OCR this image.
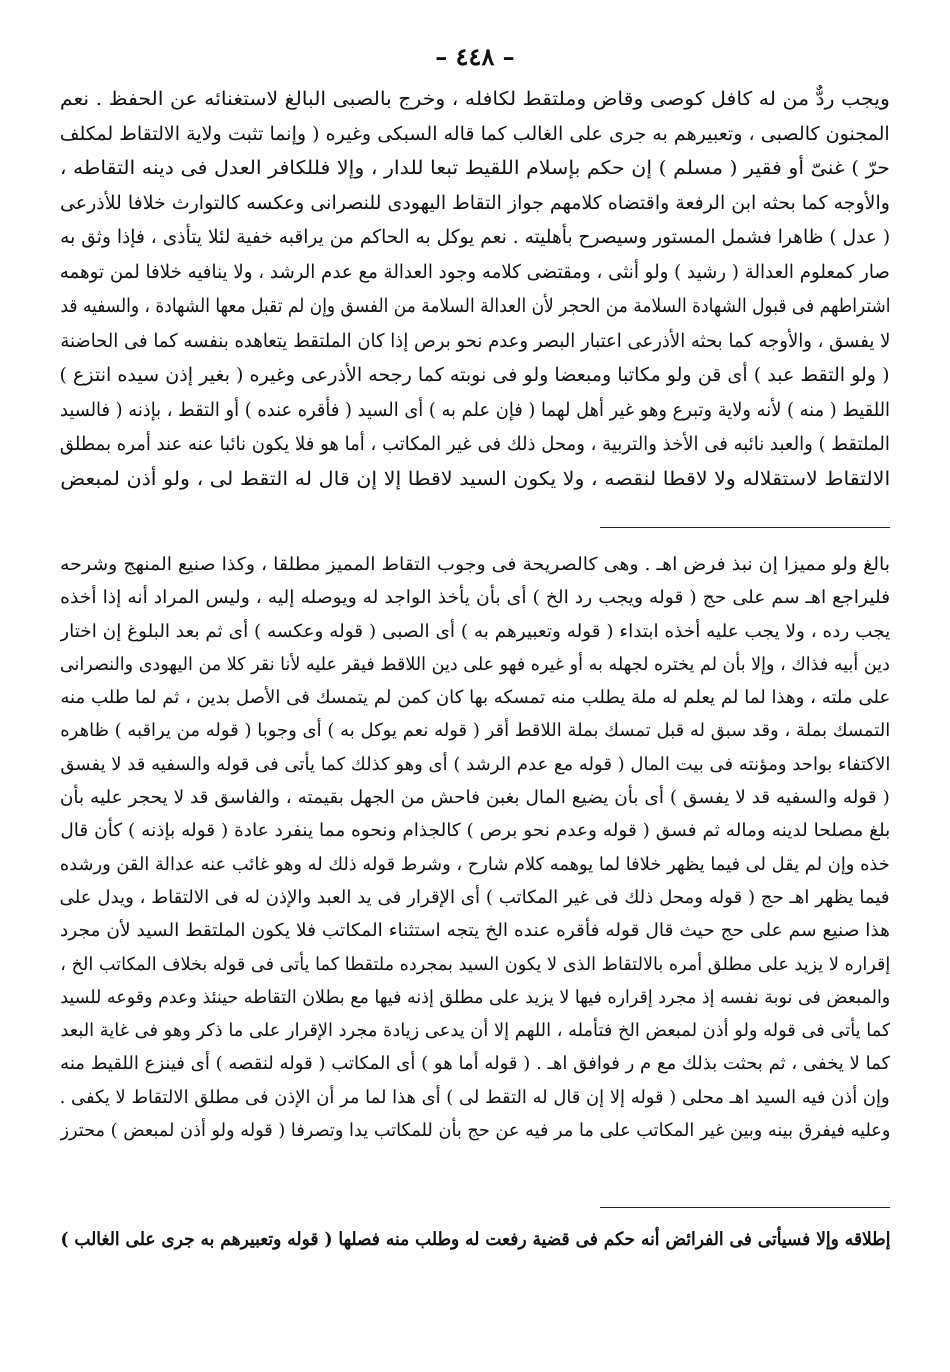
– ٤٤٨ –
ويجب ردٌّ من له كافل كوصى وقاض وملتقط لكافله ، وخرج بالصبى البالغ لاستغنائه عن الحفظ . نعم
المجنون كالصبى ، وتعبيرهم به جرى على الغالب كما قاله السبكى وغيره ( وإنما تثبت ولاية الالتقاط لمكلف
حرّ ) غنىّ أو فقير ( مسلم ) إن حكم بإسلام اللقيط تبعا للدار ، وإلا فللكافر العدل فى دينه التقاطه ،
والأوجه كما بحثه ابن الرفعة واقتضاه كلامهم جواز التقاط اليهودى للنصرانى وعكسه كالتوارث خلافا للأذرعى
( عدل ) ظاهرا فشمل المستور وسيصرح بأهليته . نعم يوكل به الحاكم من يراقبه خفية لئلا يتأذى ، فإذا وثق به
صار كمعلوم العدالة ( رشيد ) ولو أنثى ، ومقتضى كلامه وجود العدالة مع عدم الرشد ، ولا ينافيه خلافا لمن توهمه
اشتراطهم فى قبول الشهادة السلامة من الحجر لأن العدالة السلامة من الفسق وإن لم تقبل معها الشهادة ، والسفيه قد
لا يفسق ، والأوجه كما بحثه الأذرعى اعتبار البصر وعدم نحو برص إذا كان الملتقط يتعاهده بنفسه كما فى الحاضنة
( ولو التقط عبد ) أى قن ولو مكاتبا ومبعضا ولو فى نوبته كما رجحه الأذرعى وغيره ( بغير إذن سيده انتزع )
اللقيط ( منه ) لأنه ولاية وتبرع وهو غير أهل لهما ( فإن علم به ) أى السيد ( فأقره عنده ) أو التقط ، بإذنه ( فالسيد
الملتقط ) والعبد نائبه فى الأخذ والتربية ، ومحل ذلك فى غير المكاتب ، أما هو فلا يكون نائبا عنه عند أمره بمطلق
الالتقاط لاستقلاله ولا لاقطا لنقصه ، ولا يكون السيد لاقطا إلا إن قال له التقط لى ، ولو أذن لمبعض
بالغ ولو مميزا إن نبذ فرض اهـ . وهى كالصريحة فى وجوب التقاط المميز مطلقا ، وكذا صنيع المنهج وشرحه
فليراجع اهـ سم على حج ( قوله ويجب رد الخ ) أى بأن يأخذ الواجد له ويوصله إليه ، وليس المراد أنه إذا أخذه
يجب رده ، ولا يجب عليه أخذه ابتداء ( قوله وتعبيرهم به ) أى الصبى ( قوله وعكسه ) أى ثم بعد البلوغ إن اختار
دين أبيه فذاك ، وإلا بأن لم يختره لجهله به أو غيره فهو على دين اللاقط فيقر عليه لأنا نقر كلا من اليهودى والنصرانى
على ملته ، وهذا لما لم يعلم له ملة يطلب منه تمسكه بها كان كمن لم يتمسك فى الأصل بدين ، ثم لما طلب منه
التمسك بملة ، وقد سبق له قبل تمسك بملة اللاقط أقر ( قوله نعم يوكل به ) أى وجوبا ( قوله من يراقبه ) ظاهره
الاكتفاء بواحد ومؤنته فى بيت المال ( قوله مع عدم الرشد ) أى وهو كذلك كما يأتى فى قوله والسفيه قد لا يفسق
( قوله والسفيه قد لا يفسق ) أى بأن يضيع المال بغبن فاحش من الجهل بقيمته ، والفاسق قد لا يحجر عليه بأن
بلغ مصلحا لدينه وماله ثم فسق ( قوله وعدم نحو برص ) كالجذام ونحوه مما ينفرد عادة ( قوله بإذنه ) كأن قال
خذه وإن لم يقل لى فيما يظهر خلافا لما يوهمه كلام شارح ، وشرط قوله ذلك له وهو غائب عنه عدالة القن ورشده
فيما يظهر اهـ حج ( قوله ومحل ذلك فى غير المكاتب ) أى الإقرار فى يد العبد والإذن له فى الالتقاط ، ويدل على
هذا صنيع سم على حج حيث قال قوله فأقره عنده الخ يتجه استثناء المكاتب فلا يكون الملتقط السيد لأن مجرد
إقراره لا يزيد على مطلق أمره بالالتقاط الذى لا يكون السيد بمجرده ملتقطا كما يأتى فى قوله بخلاف المكاتب الخ ،
والمبعض فى نوبة نفسه إذ مجرد إقراره فيها لا يزيد على مطلق إذنه فيها مع بطلان التقاطه حينئذ وعدم وقوعه للسيد
كما يأتى فى قوله ولو أذن لمبعض الخ فتأمله ، اللهم إلا أن يدعى زيادة مجرد الإقرار على ما ذكر وهو فى غاية البعد
كما لا يخفى ، ثم بحثت بذلك مع م ر فوافق اهـ . ( قوله أما هو ) أى المكاتب ( قوله لنقصه ) أى فينزع اللقيط منه
وإن أذن فيه السيد اهـ محلى ( قوله إلا إن قال له التقط لى ) أى هذا لما مر أن الإذن فى مطلق الالتقاط لا يكفى .
وعليه فيفرق بينه وبين غير المكاتب على ما مر فيه عن حج بأن للمكاتب يدا وتصرفا ( قوله ولو أذن لمبعض ) محترز
إطلاقه وإلا فسيأتى فى الفرائض أنه حكم فى قضية رفعت له وطلب منه فصلها ( قوله وتعبيرهم به جرى على الغالب )
